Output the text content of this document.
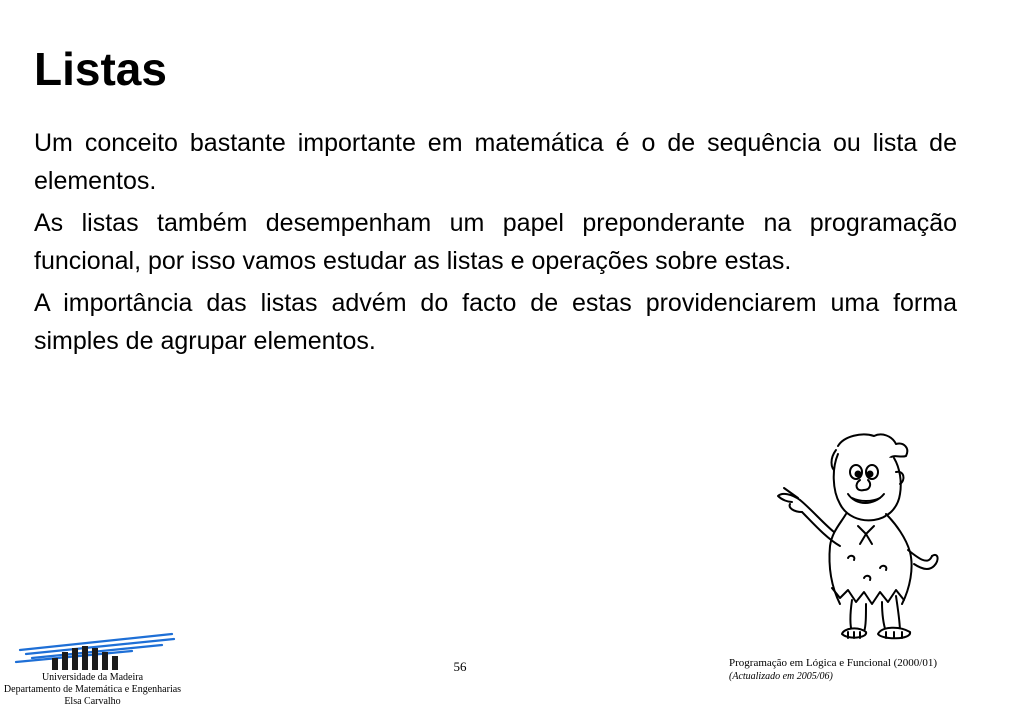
Listas

Um conceito bastante importante em matemática é o de sequência ou lista de elementos.

As listas também desempenham um papel preponderante na programação funcional, por isso vamos estudar as listas e operações sobre estas.

A importância das listas advém do facto de estas providenciarem uma forma simples de agrupar elementos.

Universidade da Madeira
Departamento de Matemática e Engenharias
Elsa Carvalho
56	Programação em Lógica e Funcional (2000/01)
(Actualizado em 2005/06)
